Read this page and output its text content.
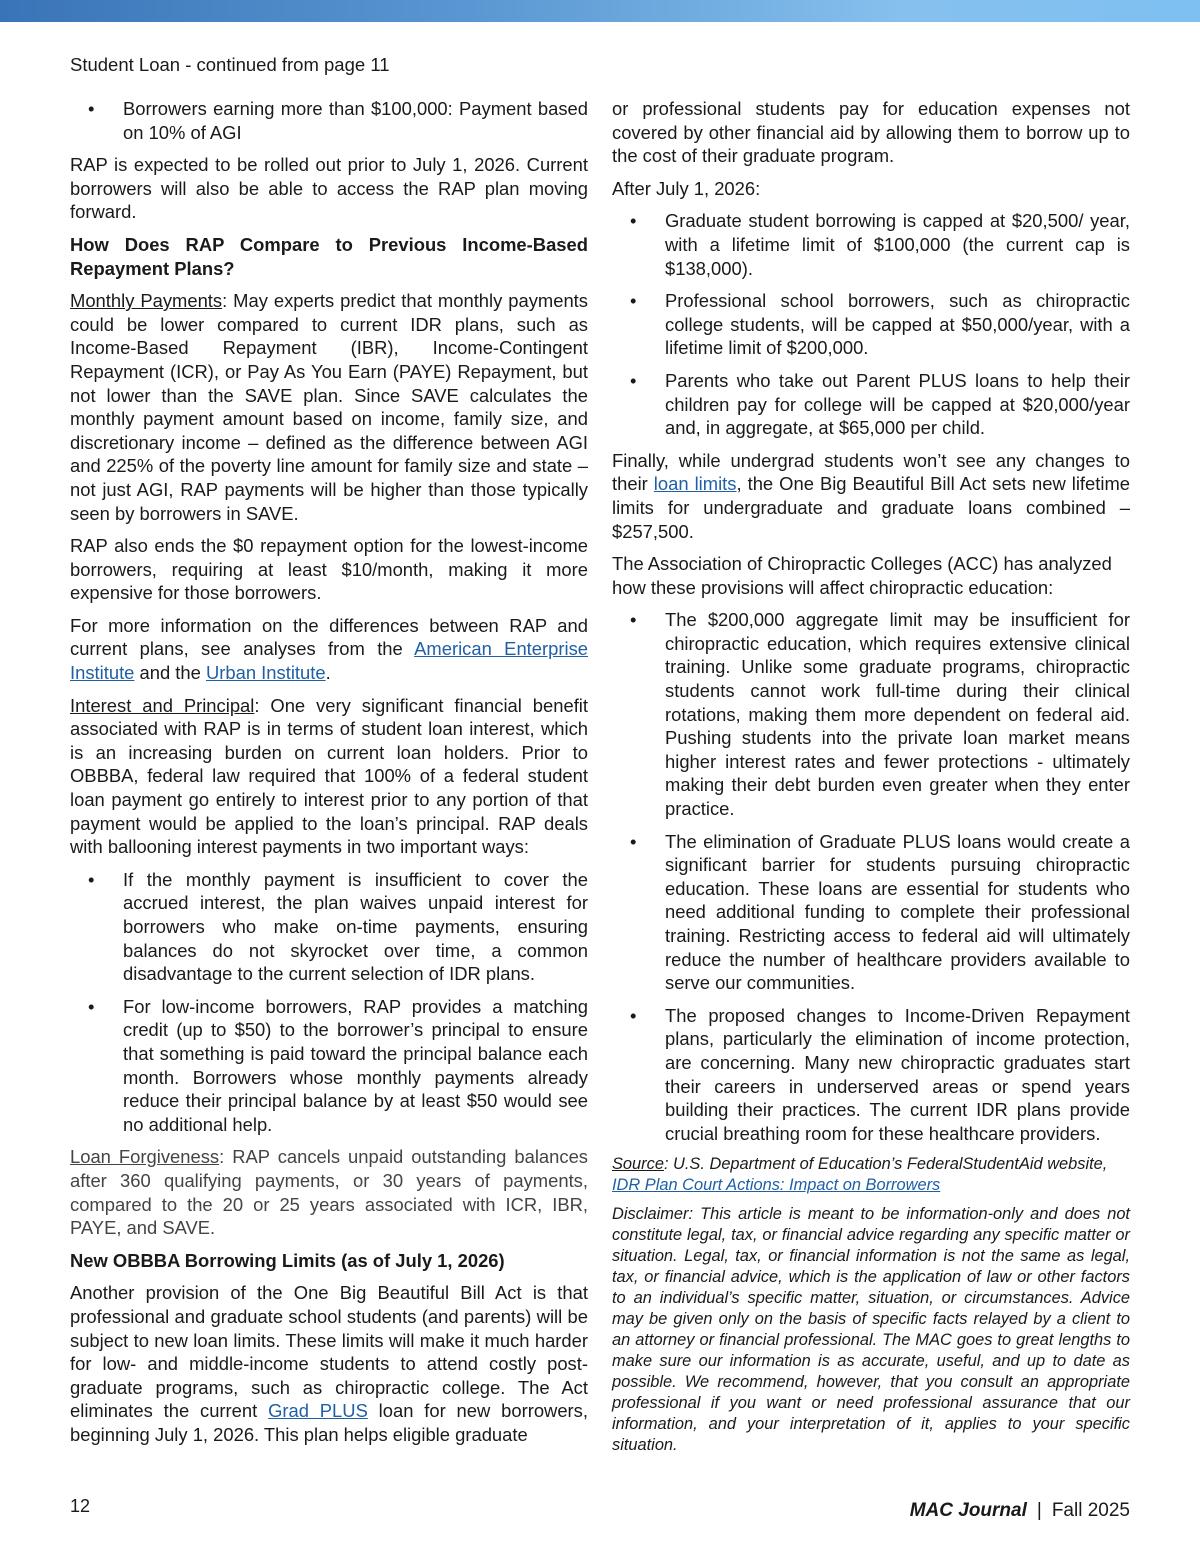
Student Loan - continued from page 11
• Borrowers earning more than $100,000: Payment based on 10% of AGI

RAP is expected to be rolled out prior to July 1, 2026. Current borrowers will also be able to access the RAP plan moving forward.

How Does RAP Compare to Previous Income-Based Repayment Plans?

Monthly Payments: May experts predict that monthly payments could be lower compared to current IDR plans, such as Income-Based Repayment (IBR), Income-Contingent Repayment (ICR), or Pay As You Earn (PAYE) Repayment, but not lower than the SAVE plan. Since SAVE calculates the monthly payment amount based on income, family size, and discretionary income – defined as the difference between AGI and 225% of the poverty line amount for family size and state – not just AGI, RAP payments will be higher than those typically seen by borrowers in SAVE.

RAP also ends the $0 repayment option for the lowest-income borrowers, requiring at least $10/month, making it more expensive for those borrowers.

For more information on the differences between RAP and current plans, see analyses from the American Enterprise Institute and the Urban Institute.

Interest and Principal: One very significant financial benefit associated with RAP is in terms of student loan interest, which is an increasing burden on current loan holders. Prior to OBBBA, federal law required that 100% of a federal student loan payment go entirely to interest prior to any portion of that payment would be applied to the loan’s principal. RAP deals with ballooning interest payments in two important ways:

• If the monthly payment is insufficient to cover the accrued interest, the plan waives unpaid interest for borrowers who make on-time payments, ensuring balances do not skyrocket over time, a common disadvantage to the current selection of IDR plans.
• For low-income borrowers, RAP provides a matching credit (up to $50) to the borrower’s principal to ensure that something is paid toward the principal balance each month. Borrowers whose monthly payments already reduce their principal balance by at least $50 would see no additional help.

Loan Forgiveness: RAP cancels unpaid outstanding balances after 360 qualifying payments, or 30 years of payments, compared to the 20 or 25 years associated with ICR, IBR, PAYE, and SAVE.

New OBBBA Borrowing Limits (as of July 1, 2026)

Another provision of the One Big Beautiful Bill Act is that professional and graduate school students (and parents) will be subject to new loan limits. These limits will make it much harder for low- and middle-income students to attend costly post-graduate programs, such as chiropractic college. The Act eliminates the current Grad PLUS loan for new borrowers, beginning July 1, 2026. This plan helps eligible graduate

or professional students pay for education expenses not covered by other financial aid by allowing them to borrow up to the cost of their graduate program.

After July 1, 2026:

• Graduate student borrowing is capped at $20,500/ year, with a lifetime limit of $100,000 (the current cap is $138,000).
• Professional school borrowers, such as chiropractic college students, will be capped at $50,000/year, with a lifetime limit of $200,000.
• Parents who take out Parent PLUS loans to help their children pay for college will be capped at $20,000/year and, in aggregate, at $65,000 per child.

Finally, while undergrad students won’t see any changes to their loan limits, the One Big Beautiful Bill Act sets new lifetime limits for undergraduate and graduate loans combined – $257,500.

The Association of Chiropractic Colleges (ACC) has analyzed how these provisions will affect chiropractic education:

• The $200,000 aggregate limit may be insufficient for chiropractic education, which requires extensive clinical training. Unlike some graduate programs, chiropractic students cannot work full-time during their clinical rotations, making them more dependent on federal aid. Pushing students into the private loan market means higher interest rates and fewer protections - ultimately making their debt burden even greater when they enter practice.
• The elimination of Graduate PLUS loans would create a significant barrier for students pursuing chiropractic education. These loans are essential for students who need additional funding to complete their professional training. Restricting access to federal aid will ultimately reduce the number of healthcare providers available to serve our communities.
• The proposed changes to Income-Driven Repayment plans, particularly the elimination of income protection, are concerning. Many new chiropractic graduates start their careers in underserved areas or spend years building their practices. The current IDR plans provide crucial breathing room for these healthcare providers.
Source: U.S. Department of Education’s FederalStudentAid website,
IDR Plan Court Actions: Impact on Borrowers
Disclaimer: This article is meant to be information-only and does not constitute legal, tax, or financial advice regarding any specific matter or situation. Legal, tax, or financial information is not the same as legal, tax, or financial advice, which is the application of law or other factors to an individual’s specific matter, situation, or circumstances. Advice may be given only on the basis of specific facts relayed by a client to an attorney or financial professional. The MAC goes to great lengths to make sure our information is as accurate, useful, and up to date as possible. We recommend, however, that you consult an appropriate professional if you want or need professional assurance that our information, and your interpretation of it, applies to your specific situation.
12	MAC Journal | Fall 2025
